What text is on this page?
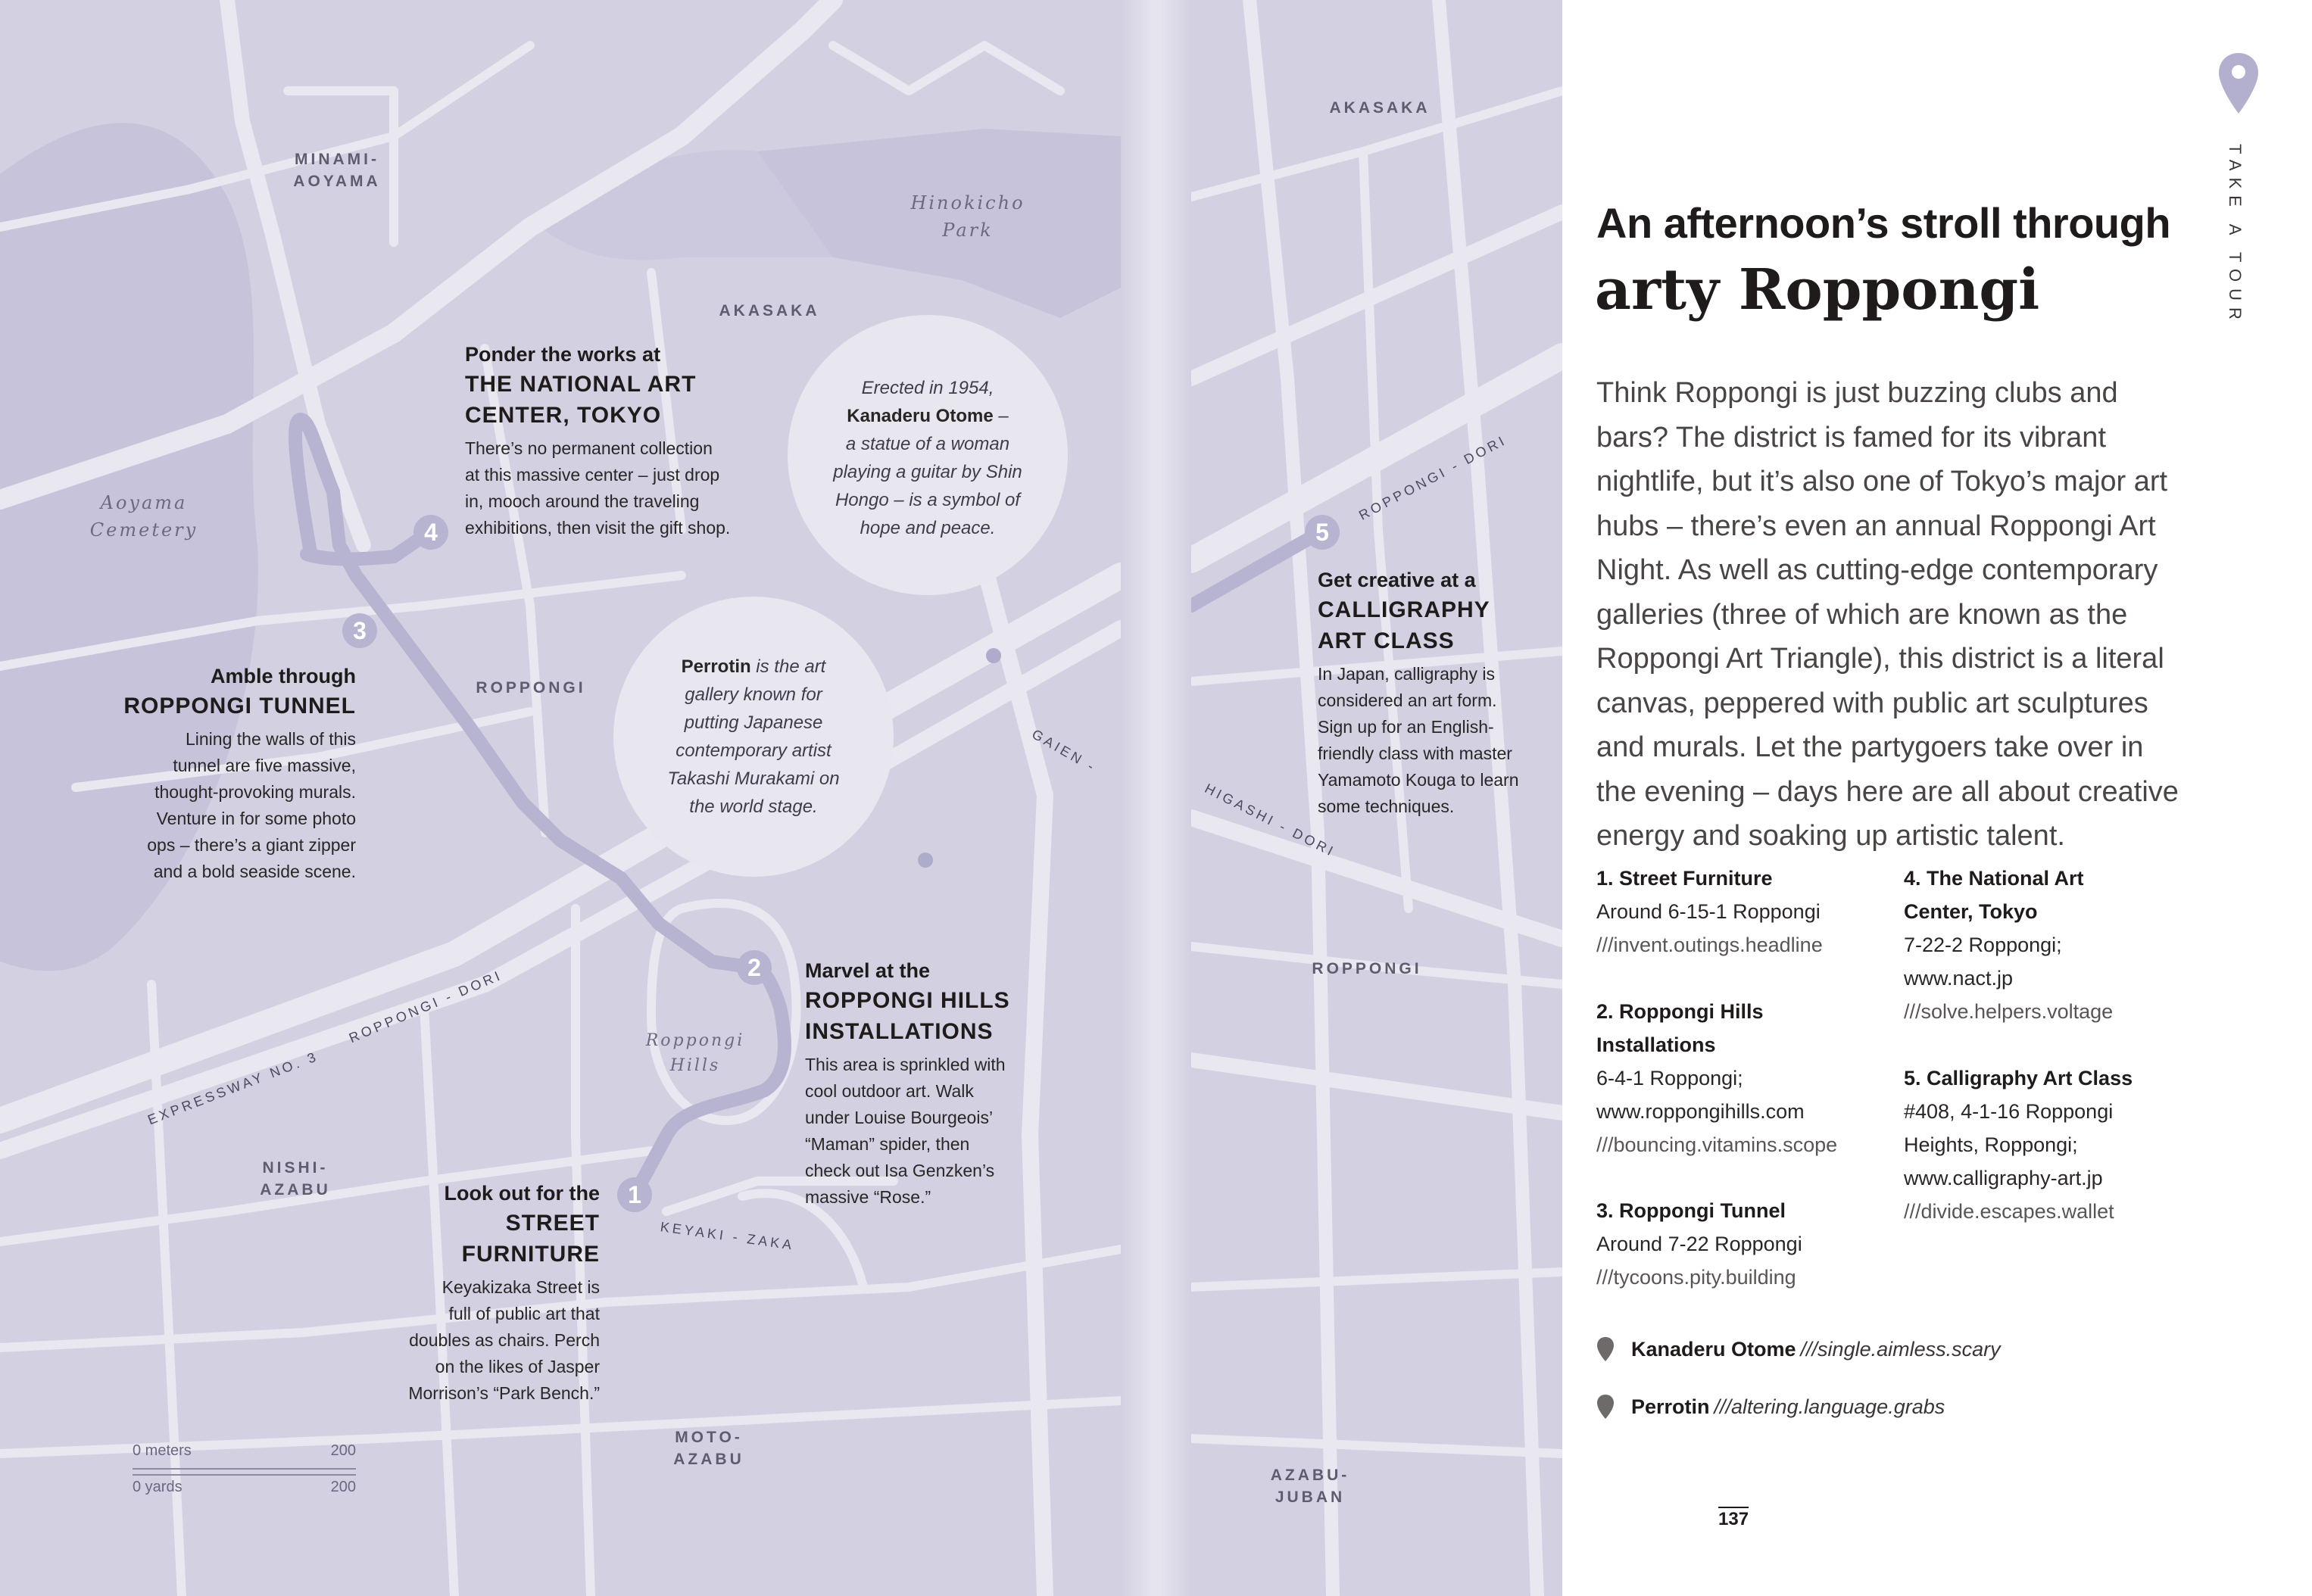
MINAMI-
AOYAMA
AKASAKA
AKASAKA
ROPPONGI
ROPPONGI
NISHI-
AZABU
MOTO-
AZABU
AZABU-
JUBAN
Hinokicho
Park
Aoyama
Cemetery
Roppongi
Hills
ROPPONGI - DORI
ROPPONGI - DORI
EXPRESSWAY NO. 3
GAIEN -
HIGASHI - DORI
KEYAKI - ZAKA
Erected in 1954,
Kanaderu Otome –
a statue of a woman
playing a guitar by Shin
Hongo – is a symbol of
hope and peace.
Perrotin is the art
gallery known for
putting Japanese
contemporary artist
Takashi Murakami on
the world stage.
1
2
3
4	5
Look out for the
STREET
FURNITURE
Keyakizaka Street is
full of public art that
doubles as chairs. Perch
on the likes of Jasper
Morrison’s “Park Bench.”
Marvel at the
ROPPONGI HILLS
INSTALLATIONS
This area is sprinkled with
cool outdoor art. Walk
under Louise Bourgeois’
“Maman” spider, then
check out Isa Genzken’s
massive “Rose.”
Amble through
ROPPONGI TUNNEL
Lining the walls of this
tunnel are five massive,
thought-provoking murals.
Venture in for some photo
ops – there’s a giant zipper
and a bold seaside scene.
Ponder the works at
THE NATIONAL ART
CENTER, TOKYO
There’s no permanent collection
at this massive center – just drop
in, mooch around the traveling
exhibitions, then visit the gift shop.
Get creative at a
CALLIGRAPHY
ART CLASS
In Japan, calligraphy is
considered an art form.
Sign up for an English-
friendly class with master
Yamamoto Kouga to learn
some techniques.
0 meters	200
0 yards	200
TAKE A TOUR
An afternoon’s stroll through
arty Roppongi
Think Roppongi is just buzzing clubs and bars? The district is famed for its vibrant nightlife, but it’s also one of Tokyo’s major art hubs – there’s even an annual Roppongi Art Night. As well as cutting-edge contemporary galleries (three of which are known as the Roppongi Art Triangle), this district is a literal canvas, peppered with public art sculptures and murals. Let the partygoers take over in the evening – days here are all about creative energy and soaking up artistic talent.
1. Street Furniture
Around 6-15-1 Roppongi
///invent.outings.headline
2. Roppongi Hills
Installations
6-4-1 Roppongi;
www.roppongihills.com
///bouncing.vitamins.scope
3. Roppongi Tunnel
Around 7-22 Roppongi
///tycoons.pity.building
4. The National Art
Center, Tokyo
7-22-2 Roppongi;
www.nact.jp
///solve.helpers.voltage
5. Calligraphy Art Class
#408, 4-1-16 Roppongi
Heights, Roppongi;
www.calligraphy-art.jp
///divide.escapes.wallet
Kanaderu Otome ///single.aimless.scary
Perrotin ///altering.language.grabs
137
